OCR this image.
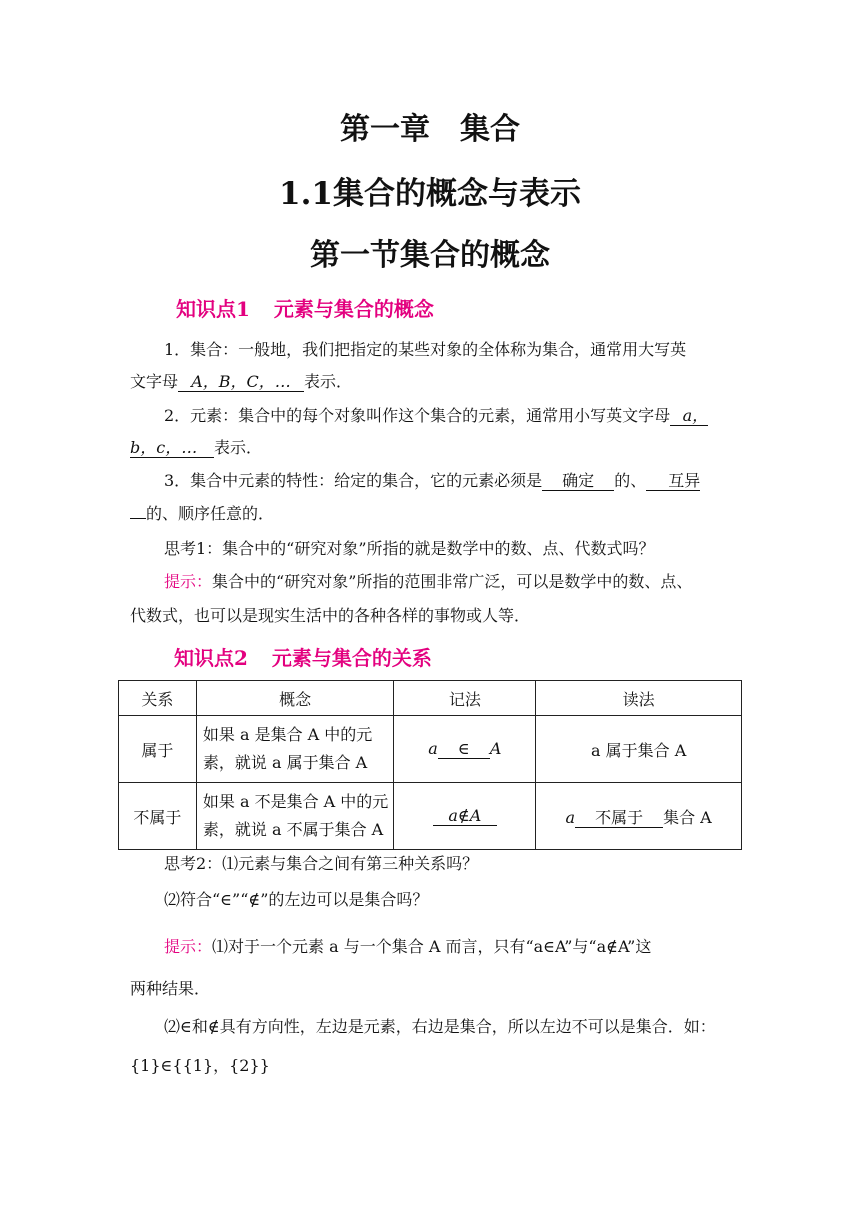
第一章　集合
1.1集合的概念与表示
第一节集合的概念
知识点1 元素与集合的概念
1．集合：一般地，我们把指定的某些对象的全体称为集合，通常用大写英
文字母 A，B，C，… 表示．
2．元素：集合中的每个对象叫作这个集合的元素，通常用小写英文字母 a，
b，c，… 表示．
3．集合中元素的特性：给定的集合，它的元素必须是 确定 的、 互异
的、顺序任意的．
思考1：集合中的“研究对象”所指的就是数学中的数、点、代数式吗？
提示：集合中的“研究对象”所指的范围非常广泛，可以是数学中的数、点、
代数式，也可以是现实生活中的各种各样的事物或人等．
知识点2 元素与集合的关系
关系	概念	记法	读法
属于	如果 a 是集合 A 中的元
素，就说 a 属于集合 A	a ∈ A	a 属于集合 A
不属于	如果 a 不是集合 A 中的元
素，就说 a 不属于集合 A	a∉A	a 不属于 集合 A
思考2：⑴元素与集合之间有第三种关系吗？
⑵符合“∈”“∉”的左边可以是集合吗？
提示：⑴对于一个元素 a 与一个集合 A 而言，只有“a∈A”与“a∉A”这
两种结果．
⑵∈和∉具有方向性，左边是元素，右边是集合，所以左边不可以是集合．如：
{1}∈{{1}，{2}}
